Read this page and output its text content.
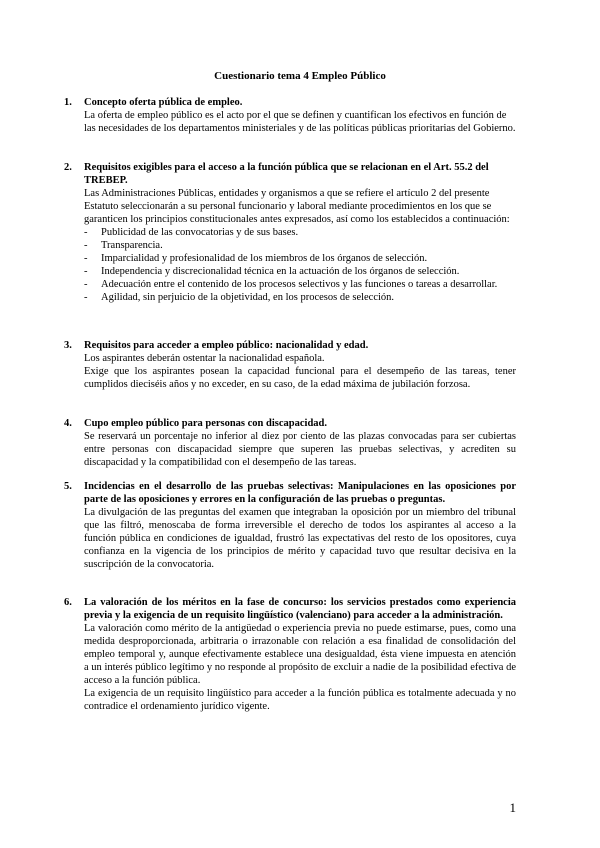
Cuestionario tema 4 Empleo Público
1. Concepto oferta pública de empleo.

La oferta de empleo público es el acto por el que se definen y cuantifican los efectivos en función de las necesidades de los departamentos ministeriales y de las políticas públicas prioritarias del Gobierno.

2. Requisitos exigibles para el acceso a la función pública que se relacionan en el Art. 55.2 del TREBEP.

Las Administraciones Públicas, entidades y organismos a que se refiere el artículo 2 del presente Estatuto seleccionarán a su personal funcionario y laboral mediante procedimientos en los que se garanticen los principios constitucionales antes expresados, así como los establecidos a continuación:

- Publicidad de las convocatorias y de sus bases.
- Transparencia.
- Imparcialidad y profesionalidad de los miembros de los órganos de selección.
- Independencia y discrecionalidad técnica en la actuación de los órganos de selección.
- Adecuación entre el contenido de los procesos selectivos y las funciones o tareas a desarrollar.
- Agilidad, sin perjuicio de la objetividad, en los procesos de selección.
3. Requisitos para acceder a empleo público: nacionalidad y edad.

Los aspirantes deberán ostentar la nacionalidad española.

Exige que los aspirantes posean la capacidad funcional para el desempeño de las tareas, tener cumplidos dieciséis años y no exceder, en su caso, de la edad máxima de jubilación forzosa.

4. Cupo empleo público para personas con discapacidad.

Se reservará un porcentaje no inferior al diez por ciento de las plazas convocadas para ser cubiertas entre personas con discapacidad siempre que superen las pruebas selectivas, y acrediten su discapacidad y la compatibilidad con el desempeño de las tareas.

5. Incidencias en el desarrollo de las pruebas selectivas: Manipulaciones en las oposiciones por parte de las oposiciones y errores en la configuración de las pruebas o preguntas.

La divulgación de las preguntas del examen que integraban la oposición por un miembro del tribunal que las filtró, menoscaba de forma irreversible el derecho de todos los aspirantes al acceso a la función pública en condiciones de igualdad, frustró las expectativas del resto de los opositores, cuya confianza en la vigencia de los principios de mérito y capacidad tuvo que resultar decisiva en la suscripción de la convocatoria.

6. La valoración de los méritos en la fase de concurso: los servicios prestados como experiencia previa y la exigencia de un requisito lingüístico (valenciano) para acceder a la administración.

La valoración como mérito de la antigüedad o experiencia previa no puede estimarse, pues, como una medida desproporcionada, arbitraria o irrazonable con relación a esa finalidad de consolidación del empleo temporal y, aunque efectivamente establece una desigualdad, ésta viene impuesta en atención a un interés público legítimo y no responde al propósito de excluir a nadie de la posibilidad efectiva de acceso a la función pública.

La exigencia de un requisito lingüístico para acceder a la función pública es totalmente adecuada y no contradice el ordenamiento jurídico vigente.

1
